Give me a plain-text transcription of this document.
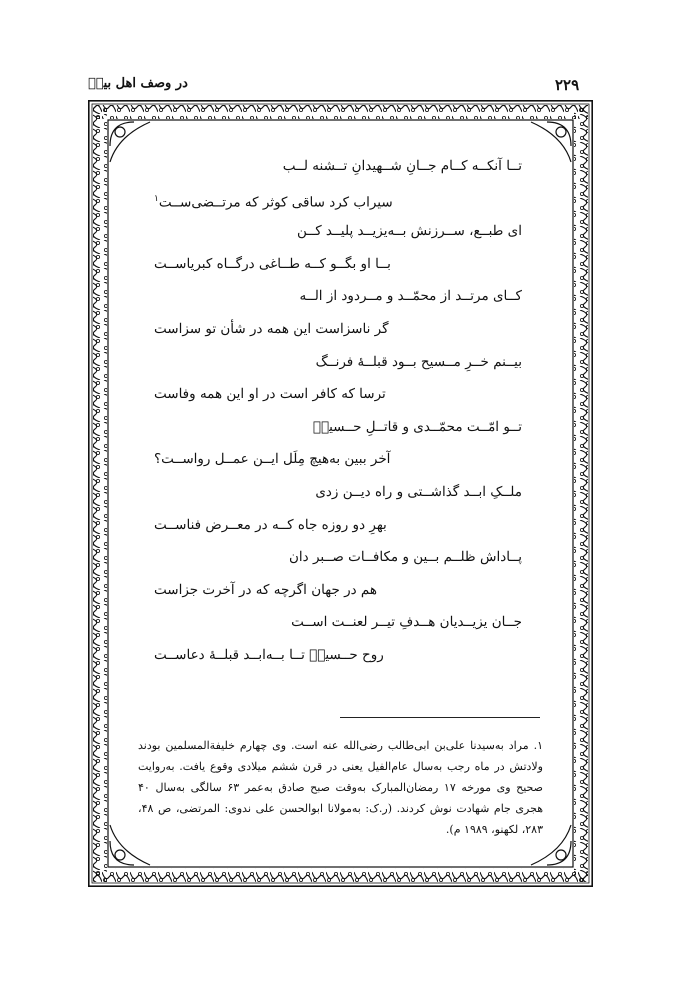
۲۲۹
در وصف اهل بیتؑ
تــا آنکــه کــام جــانِ شــهیدانِ تــشنه لــب
سیراب کرد ساقی کوثر که مرتــضی‌ســت$^۱$
ای طبــع، ســرزنش بــه‌یزیــد پلیــد کــن
بــا او بگــو کــه طــاغی درگــاه کبریاســت
کــای مرتــد از محمّــد و مــردود از الــه
گر ناسزاست این همه در شأن تو سزاست
بیــنم خــرِ مــسیح بــود قبلــهٔ فرنــگ
ترسا که کافر است در او این همه وفاست
تــو امّــت محمّــدی و قاتــلِ حــسینؑ
آخر ببین به‌هیچ مِلَل ایــن عمــل رواســت؟
ملــکِ ابــد گذاشــتی و راه دیــن زدی
بهرِ دو روزه جاه کــه در معــرض فناســت
پــاداش ظلــم بــین و مکافــات صــبر دان
هم در جهان اگرچه که در آخرت جزاست
جــان یزیــدیان هــدفِ تیــر لعنــت اســت
روح حــسینؑ تــا بــه‌ابــد قبلــهٔ دعاســت
۱. مراد به‌سیدنا علی‌بن ابی‌طالب رضی‌الله عنه است. وی چهارم خلیفةالمسلمین بودند ولادتش در ماه رجب به‌سال عام‌الفیل یعنی در قرن ششم میلادی وقوع یافت. به‌روایت صحیح وی مورخه ۱۷ رمضان‌المبارک به‌وقت صبح صادق به‌عمر ۶۳ سالگی به‌سال ۴۰ هجری جام شهادت نوش کردند. (ر.ک: به‌مولانا ابوالحسن علی ندوی: المرتضی، ص ۴۸، ۲۸۳، لکهنو، ۱۹۸۹ م).
